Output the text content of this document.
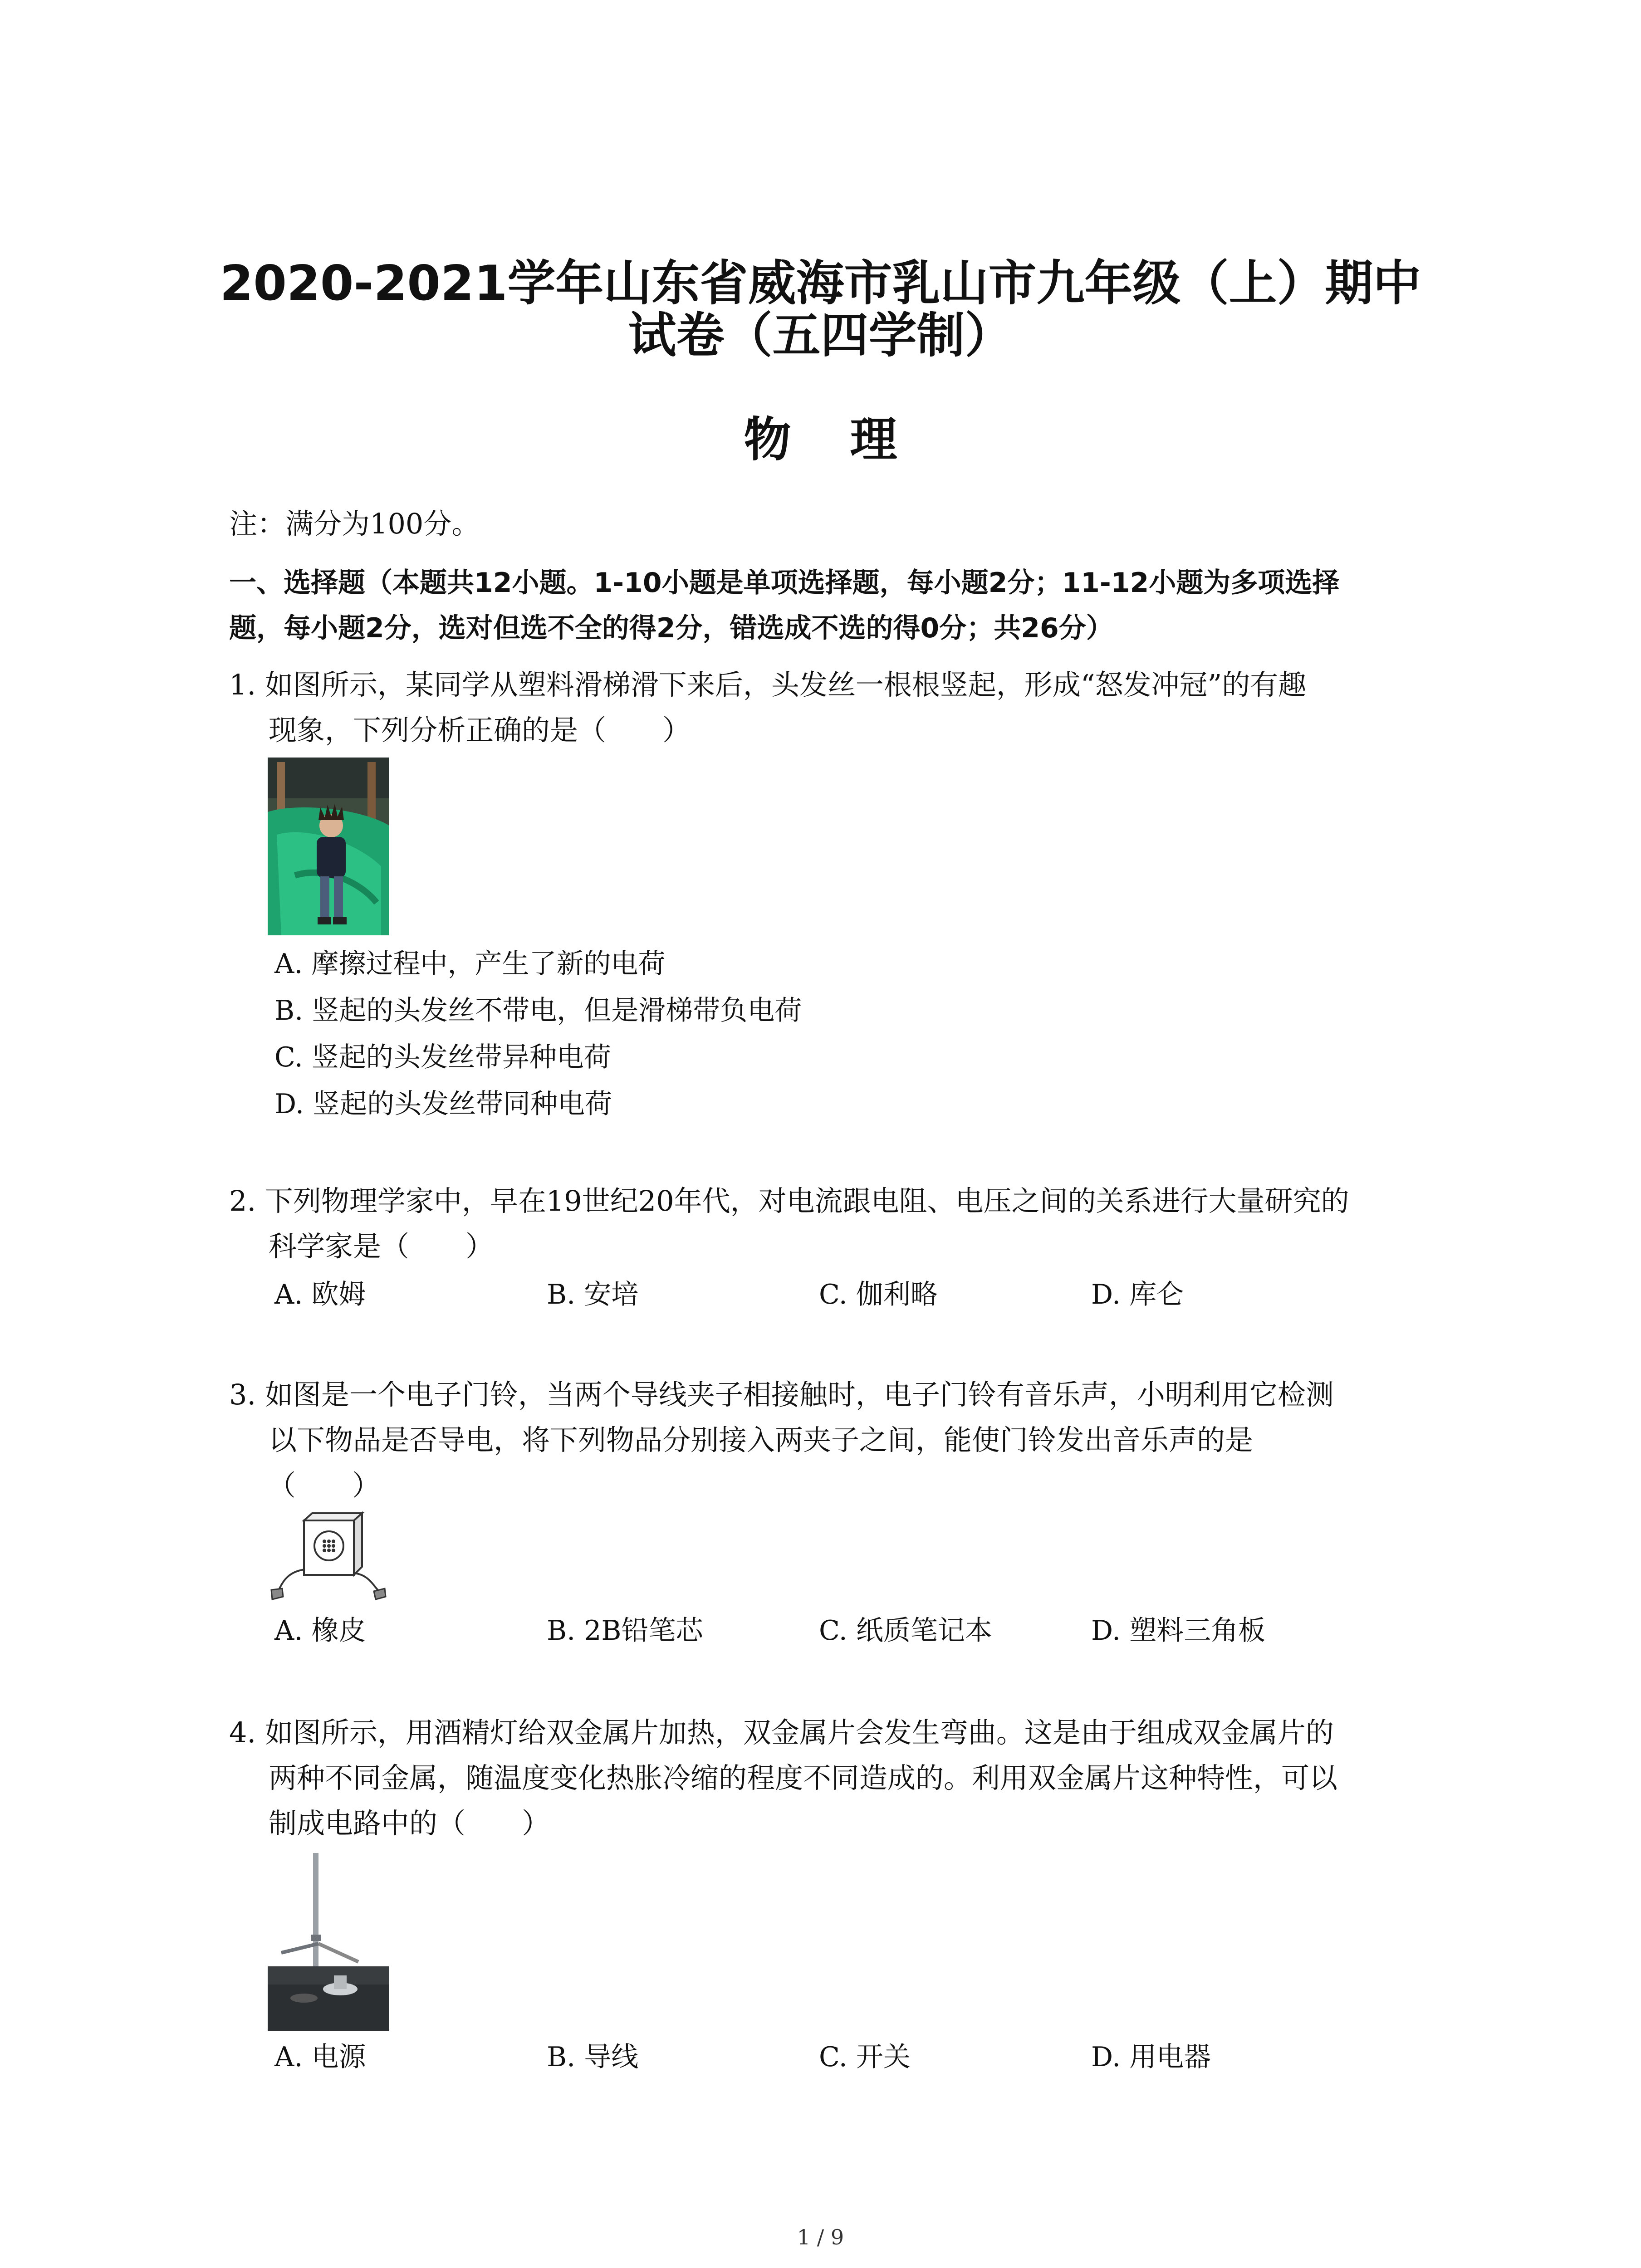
2020-2021学年山东省威海市乳山市九年级（上）期中
试卷（五四学制）
物理
注：满分为100分。
一、选择题（本题共12小题。1-10小题是单项选择题，每小题2分；11-12小题为多项选择
题，每小题2分，选对但选不全的得2分，错选成不选的得0分；共26分）
1. 如图所示，某同学从塑料滑梯滑下来后，头发丝一根根竖起，形成“怒发冲冠”的有趣
现象，下列分析正确的是（　　）
A. 摩擦过程中，产生了新的电荷
B. 竖起的头发丝不带电，但是滑梯带负电荷
C. 竖起的头发丝带异种电荷
D. 竖起的头发丝带同种电荷
2. 下列物理学家中，早在19世纪20年代，对电流跟电阻、电压之间的关系进行大量研究的
科学家是（　　）
A. 欧姆	B. 安培	C. 伽利略	D. 库仑
3. 如图是一个电子门铃，当两个导线夹子相接触时，电子门铃有音乐声，小明利用它检测
以下物品是否导电，将下列物品分别接入两夹子之间，能使门铃发出音乐声的是
（　　）
A. 橡皮	B. 2B铅笔芯	C. 纸质笔记本	D. 塑料三角板
4. 如图所示，用酒精灯给双金属片加热，双金属片会发生弯曲。这是由于组成双金属片的
两种不同金属，随温度变化热胀冷缩的程度不同造成的。利用双金属片这种特性，可以
制成电路中的（　　）
A. 电源	B. 导线	C. 开关	D. 用电器
1 / 9
